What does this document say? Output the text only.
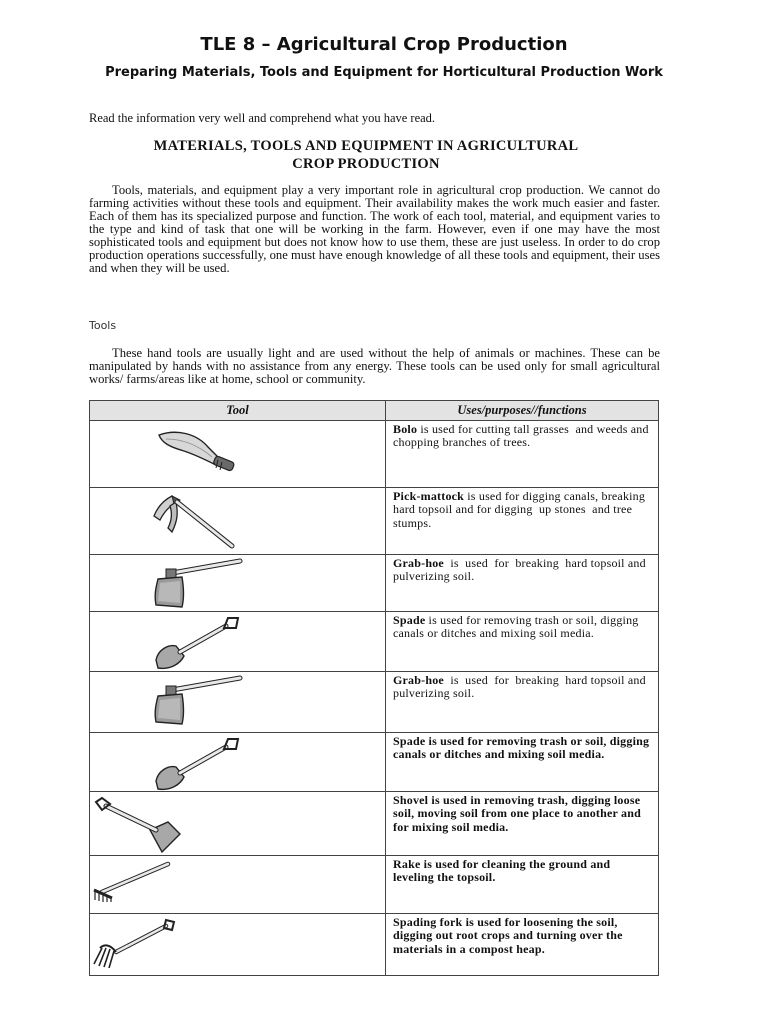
TLE 8 – Agricultural Crop Production
Preparing Materials, Tools and Equipment for Horticultural Production Work
Read the information very well and comprehend what you have read.
MATERIALS, TOOLS AND EQUIPMENT IN AGRICULTURAL
CROP PRODUCTION

Tools, materials, and equipment play a very important role in agricultural crop production. We cannot do farming activities without these tools and equipment. Their availability makes the work much easier and faster. Each of them has its specialized purpose and function. The work of each tool, material, and equipment varies to the type and kind of task that one will be working in the farm. However, even if one may have the most sophisticated tools and equipment but does not know how to use them, these are just useless. In order to do crop production operations successfully, one must have enough knowledge of all these tools and equipment, their uses and when they will be used.

Tools

These hand tools are usually light and are used without the help of animals or machines. These can be manipulated by hands with no assistance from any energy. These tools can be used only for small agricultural works/ farms/areas like at home, school or community.

Tool	Uses/purposes//functions

	Bolo is used for cutting tall grasses  and weeds and chopping branches of trees.

	Pick-mattock is used for digging canals, breaking hard topsoil and for digging  up stones  and tree stumps.

	Grab-hoe  is  used  for  breaking  hard topsoil and pulverizing soil.

	Spade is used for removing trash or soil, digging canals or ditches and mixing soil media.

	Grab-hoe  is  used  for  breaking  hard topsoil and pulverizing soil.

	Spade is used for removing trash or soil, digging canals or ditches and mixing soil media.

	Shovel is used in removing trash, digging loose soil, moving soil from one place to another and for mixing soil media.

	Rake is used for cleaning the ground and leveling the topsoil.

	Spading fork is used for loosening the soil, digging out root crops and turning over the materials in a compost heap.
